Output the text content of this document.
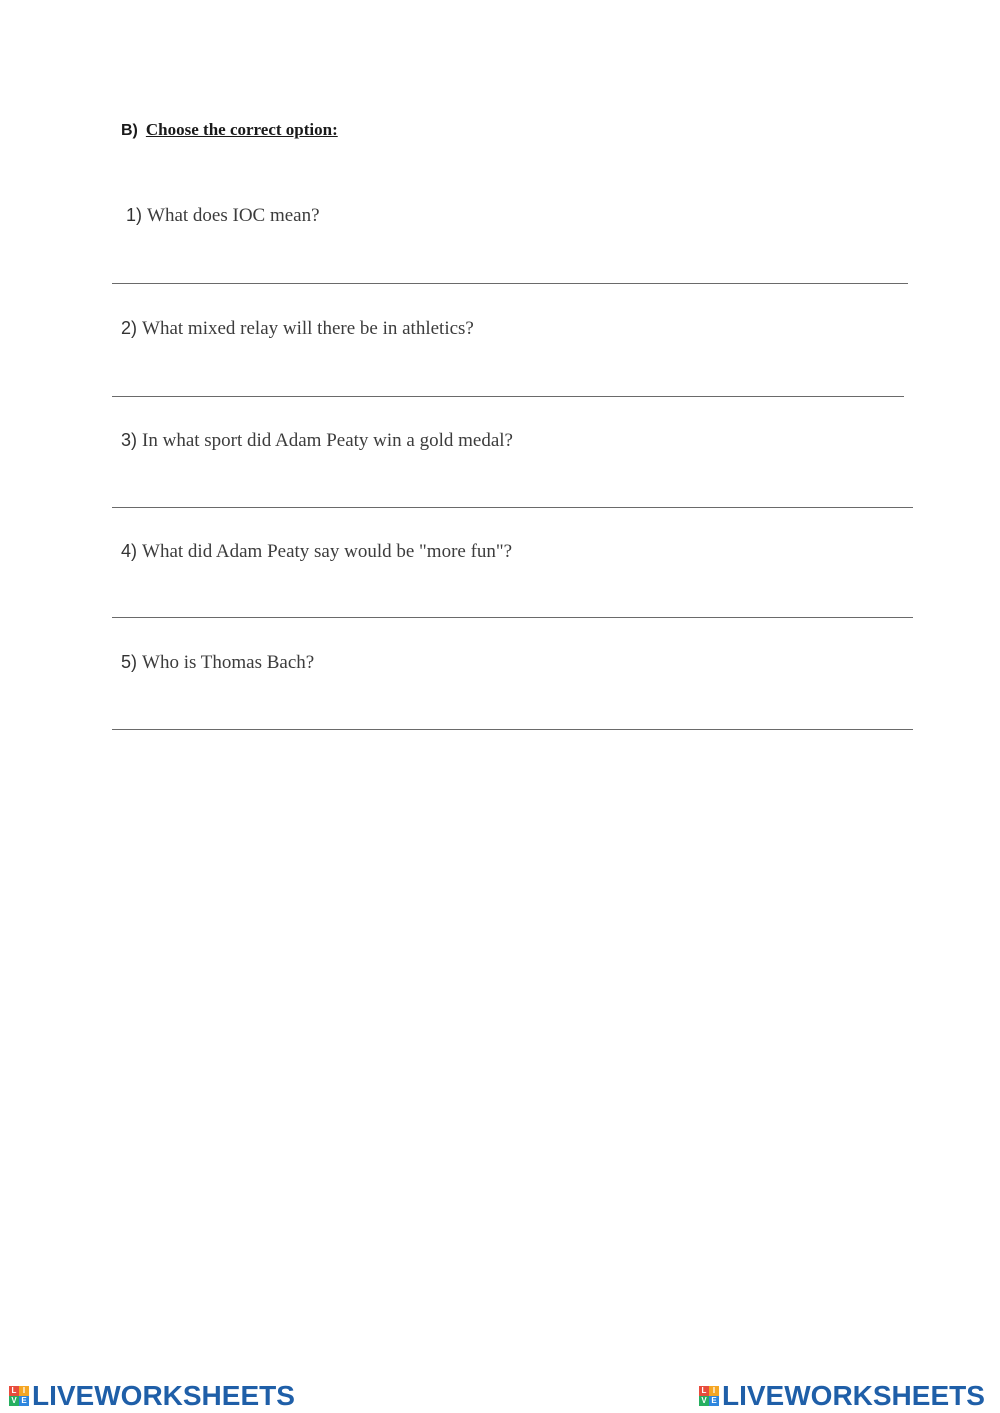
B) Choose the correct option:
1) What does IOC mean?
2) What mixed relay will there be in athletics?
3) In what sport did Adam Peaty win a gold medal?
4) What did Adam Peaty say would be "more fun"?
5) Who is Thomas Bach?
L I
V E LIVEWORKSHEETS	L I
V E LIVEWORKSHEETS
